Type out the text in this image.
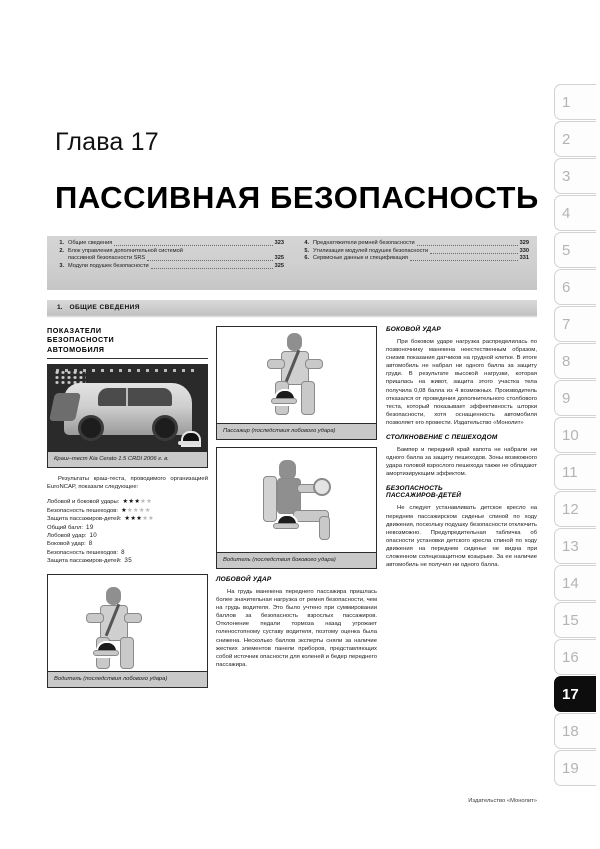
Глава 17
ПАССИВНАЯ БЕЗОПАСНОСТЬ
1. Общие сведения	323
2. Блок управления дополнительной системой
пассивной безопасности SRS	325
3. Модули подушек безопасности	325
4. Преднатяжители ремней безопасности	329
5. Утилизация модулей подушек безопасности	330
6. Сервисные данные и спецификация	331
1.	ОБЩИЕ СВЕДЕНИЯ
ПОКАЗАТЕЛИ
БЕЗОПАСНОСТИ
АВТОМОБИЛЯ
Краш–тест Kia Cerato 1.5 CRDI 2006 г. в.

Результаты краш-теста, проводимого организацией EuroNCAP, показали следующее:

Лобовой и боковой удары: ★★★★★
Безопасность пешеходов: ★★★★★
Защита пассажиров-детей: ★★★★★
Общий балл: 19
Лобовой удар: 10
Боковой удар: 8
Безопасность пешеходов: 8
Защита пассажиров-детей: 35
Водитель (последствия лобового удара)
Пассажир (последствия лобового удара)
Водитель (последствия бокового удара)
ЛОБОВОЙ УДАР

На грудь манекена переднего пассажира пришлась более значительная нагрузка от ремня безопасности, чем на грудь водителя. Это было учтено при суммировании баллов за безопасность взрослых пассажиров. Отклонение педали тормоза назад угрожает голеностопному суставу водителя, поэтому оценка была снижена. Несколько баллов эксперты сняли за наличие жестких элементов панели приборов, представляющих собой источник опасности для коленей и бедер переднего пассажира.

БОКОВОЙ УДАР

При боковом ударе нагрузка распределилась по позвоночнику манекена неестественным образом, снизив показания датчиков на грудной клетке. В итоге автомобиль не набрал ни одного балла за защиту груди. В результате высокой нагрузки, которая пришлась на живот, защита этого участка тела получила 0,08 балла из 4 возможных. Производитель отказался от проведения дополнительного столбового теста, который показывает эффективность шторки безопасности, хотя оснащенность автомобиля позволяет его провести. Издательство «Монолит»

СТОЛКНОВЕНИЕ С ПЕШЕХОДОМ

Бампер и передний край капота не набрали ни одного балла за защиту пешеходов. Зоны возможного удара головой взрослого пешехода также не обладают амортизирующим эффектом.

БЕЗОПАСНОСТЬ
ПАССАЖИРОВ-ДЕТЕЙ

Не следует устанавливать детское кресло на переднем пассажирском сиденье спиной по ходу движения, поскольку подушку безопасности отключить невозможно. Предупредительная табличка об опасности установки детского кресла спиной по ходу движения на переднем сиденье не видна при сложенном солнцезащитном козырьке. За ее наличие автомобиль не получил ни одного балла.

1
2
3
4
5
6
7
8
9
10
11
12
13
14
15
16
17
18
19
Издательство «Монолит»
